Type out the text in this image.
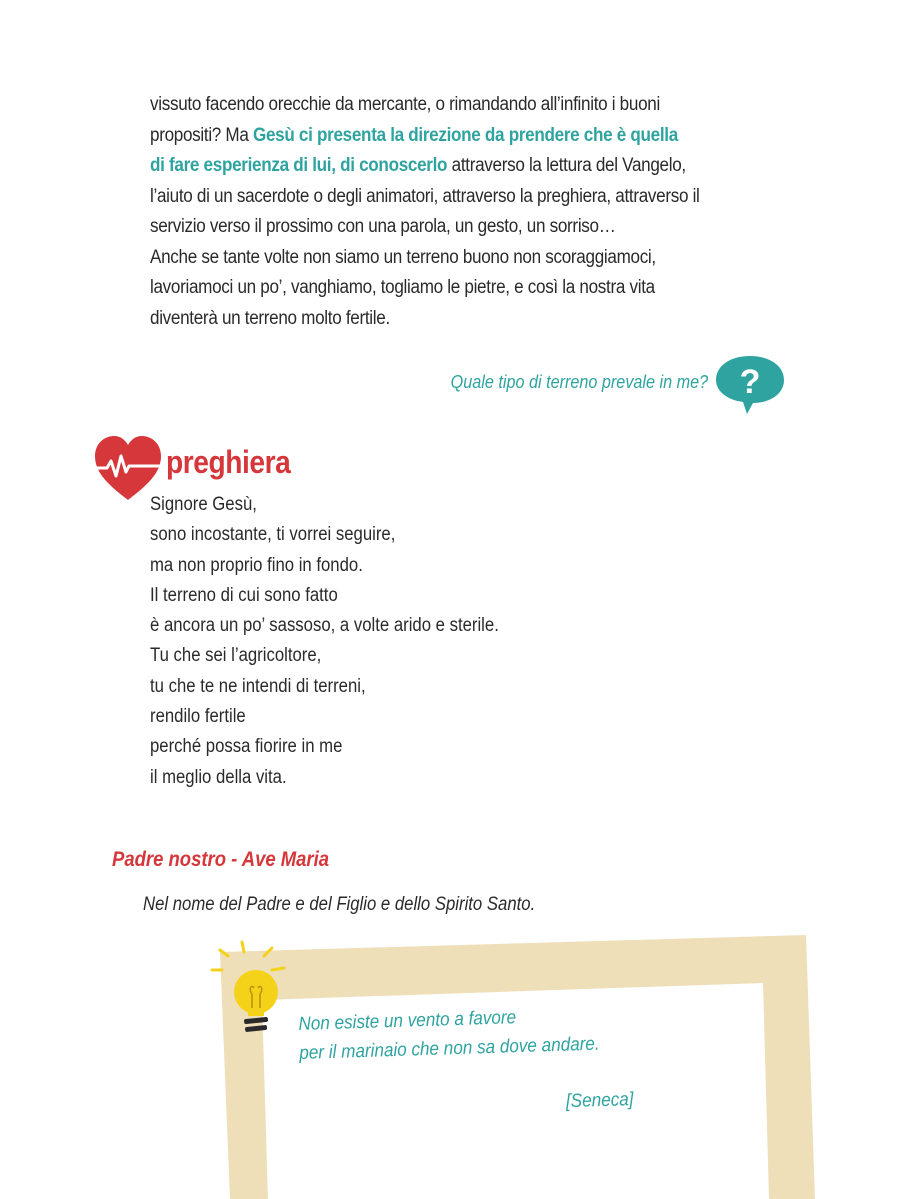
vissuto facendo orecchie da mercante, o rimandando all’infinito i buoni
propositi? Ma Gesù ci presenta la direzione da prendere che è quella
di fare esperienza di lui, di conoscerlo attraverso la lettura del Vangelo,
l’aiuto di un sacerdote o degli animatori, attraverso la preghiera, attraverso il
servizio verso il prossimo con una parola, un gesto, un sorriso…
Anche se tante volte non siamo un terreno buono non scoraggiamoci,
lavoriamoci un po’, vanghiamo, togliamo le pietre, e così la nostra vita
diventerà un terreno molto fertile.
Quale tipo di terreno prevale in me? ?
preghiera
Signore Gesù,
sono incostante, ti vorrei seguire,
ma non proprio fino in fondo.
Il terreno di cui sono fatto
è ancora un po’ sassoso, a volte arido e sterile.
Tu che sei l’agricoltore,
tu che te ne intendi di terreni,
rendilo fertile
perché possa fiorire in me
il meglio della vita.
Padre nostro - Ave Maria
Nel nome del Padre e del Figlio e dello Spirito Santo.
Non esiste un vento a favore
per il marinaio che non sa dove andare.
[Seneca]
